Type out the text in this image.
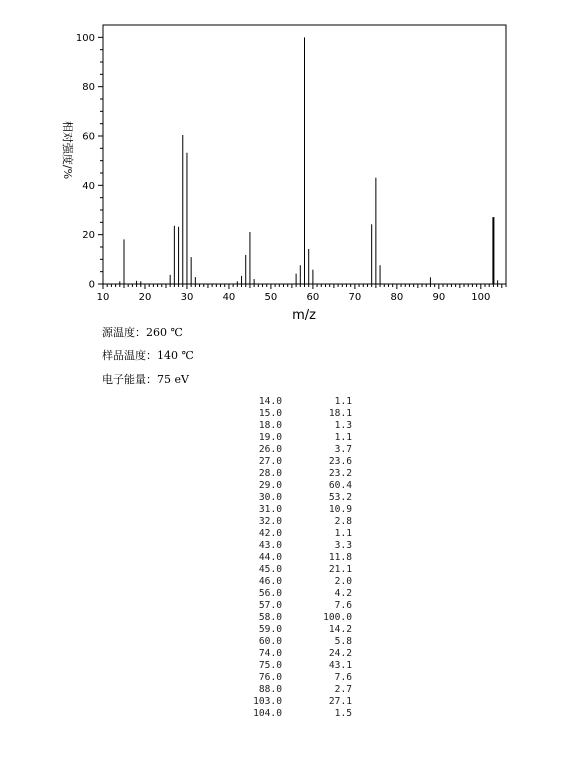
0
20
40
60
80
100
10	20	30	40	50	60	70	80	90	100
m/z
相对强度/%
源温度：260 ℃
样品温度：140 ℃
电子能量：75 eV
14.0	1.1
15.0	18.1
18.0	1.3
19.0	1.1
26.0	3.7
27.0	23.6
28.0	23.2
29.0	60.4
30.0	53.2
31.0	10.9
32.0	2.8
42.0	1.1
43.0	3.3
44.0	11.8
45.0	21.1
46.0	2.0
56.0	4.2
57.0	7.6
58.0	100.0
59.0	14.2
60.0	5.8
74.0	24.2
75.0	43.1
76.0	7.6
88.0	2.7
103.0	27.1
104.0	1.5
